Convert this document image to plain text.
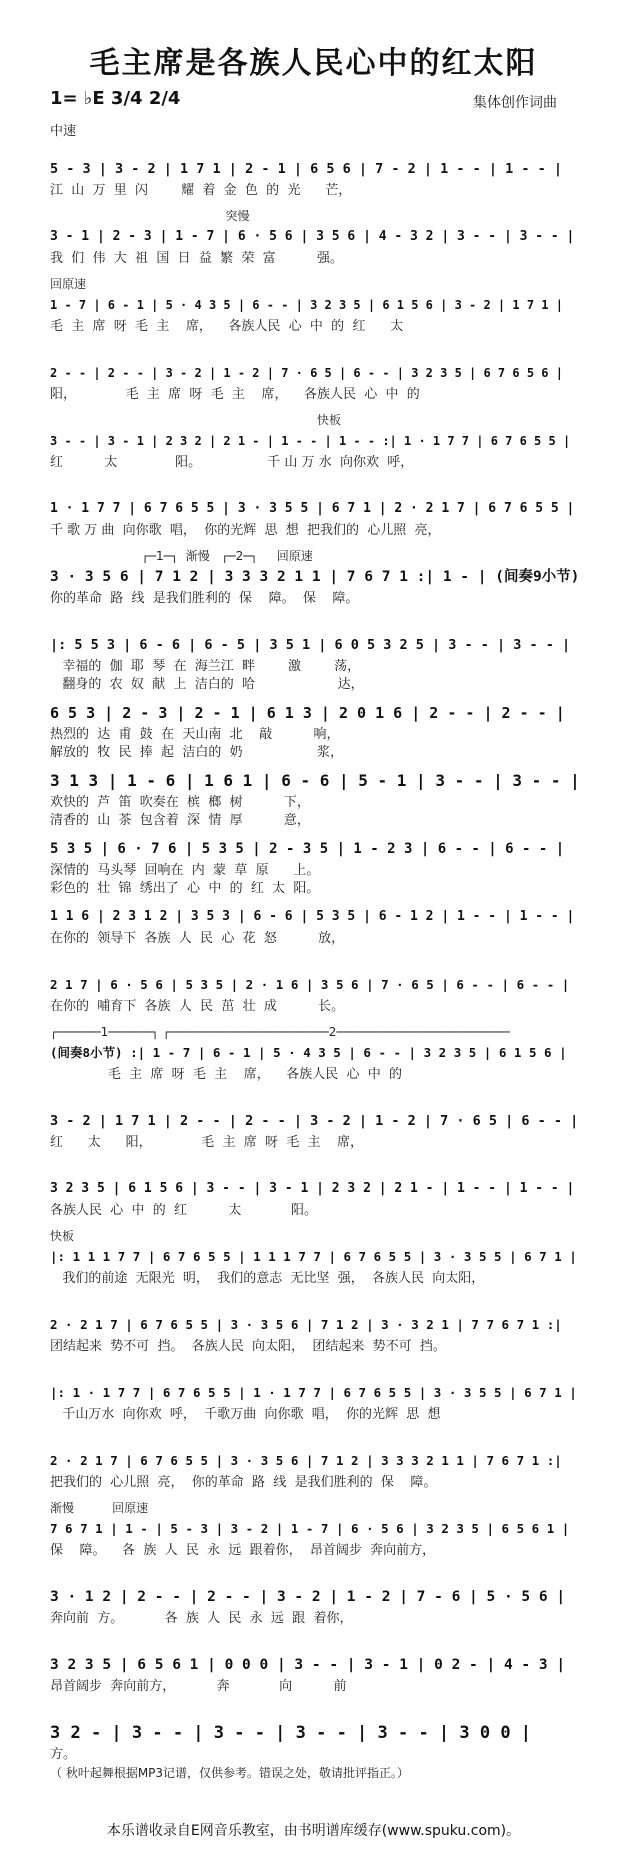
毛主席是各族人民心中的红太阳
1= ♭E 3/4 2/4	集体创作词曲
中速
5 - 3 | 3 - 2 | 1 7 1 | 2 - 1 | 6 5 6 | 7 - 2 | 1 - - | 1 - - |
江  山  万  里  闪        耀  着  金  色  的  光      芒，
突慢
3 - 1 | 2 - 3 | 1 - 7 | 6 · 5 6 | 3 5 6 | 4 - 3 2 | 3 - - | 3 - - |
我  们  伟  大  祖  国  日  益  繁  荣  富          强。
回原速
1 - 7 | 6 - 1 | 5 · 4 3 5 | 6 - - | 3 2 3 5 | 6 1 5 6 | 3 - 2 | 1 7 1 |
毛  主  席  呀  毛  主    席，    各族人民  心  中  的  红      太
2 - - | 2 - - | 3 - 2 | 1 - 2 | 7 · 6 5 | 6 - - | 3 2 3 5 | 6 7 6 5 6 |
阳，            毛  主  席  呀  毛  主    席，    各族人民  心  中  的
快板
3 - - | 3 - 1 | 2 3 2 | 2 1 - | 1 - - | 1 - - :| 1 · 1 7 7 | 6 7 6 5 5 |
红          太              阳。                千 山 万 水  向你欢  呼，
1 · 1 7 7 | 6 7 6 5 5 | 3 · 3 5 5 | 6 7 1 | 2 · 2 1 7 | 6 7 6 5 5 |
千 歌 万 曲  向你歌  唱，  你的光辉  思  想  把我们的  心儿照  亮，
┌─1─┐  渐慢   ┌─2─┐     回原速
3 · 3 5 6 | 7 1 2 | 3 3 3 2 1 1 | 7 6 7 1 :| 1 - | (间奏9小节)
你的革命  路  线  是我们胜利的  保    障。  保    障。
|: 5 5 3 | 6 - 6 | 6 - 5 | 3 5 1 | 6 0 5 3 2 5 | 3 - - | 3 - - |
幸福的  伽  耶  琴  在  海兰江  畔        激        荡，
翻身的  农  奴  献  上  洁白的  哈                    达，
6 5 3 | 2 - 3 | 2 - 1 | 6 1 3 | 2 0 1 6 | 2 - - | 2 - - |
热烈的  达  甫  鼓  在  天山南  北    敲          响，
解放的  牧  民  捧  起  洁白的  奶                  浆，
3 1 3 | 1 - 6 | 1 6 1 | 6 - 6 | 5 - 1 | 3 - - | 3 - - |
欢快的  芦  笛  吹奏在  槟  榔  树          下，
清香的  山  茶  包含着  深  情  厚          意，
5 3 5 | 6 · 7 6 | 5 3 5 | 2 - 3 5 | 1 - 2 3 | 6 - - | 6 - - |
深情的  马头琴  回响在  内  蒙  草  原      上。
彩色的  壮  锦  绣出了  心  中  的  红  太  阳。
1 1 6 | 2 3 1 2 | 3 5 3 | 6 - 6 | 5 3 5 | 6 - 1 2 | 1 - - | 1 - - |
在你的  领导下  各族  人  民  心  花  怒          放，
2 1 7 | 6 · 5 6 | 5 3 5 | 2 · 1 6 | 3 5 6 | 7 · 6 5 | 6 - - | 6 - - |
在你的  哺育下  各族  人  民  茁  壮  成          长。
┌──────1──────┐ ┌──────────────────────2────────────────────────
(间奏8小节) :| 1 - 7 | 6 - 1 | 5 · 4 3 5 | 6 - - | 3 2 3 5 | 6 1 5 6 |
毛  主  席  呀  毛  主    席，    各族人民  心  中  的
3 - 2 | 1 7 1 | 2 - - | 2 - - | 3 - 2 | 1 - 2 | 7 · 6 5 | 6 - - |
红      太      阳，            毛  主  席  呀  毛  主    席，
3 2 3 5 | 6 1 5 6 | 3 - - | 3 - 1 | 2 3 2 | 2 1 - | 1 - - | 1 - - |
各族人民  心  中  的  红          太            阳。
快板
|: 1 1 1 7 7 | 6 7 6 5 5 | 1 1 1 7 7 | 6 7 6 5 5 | 3 · 3 5 5 | 6 7 1 |
我们的前途  无限光  明，  我们的意志  无比坚  强，  各族人民  向太阳，
2 · 2 1 7 | 6 7 6 5 5 | 3 · 3 5 6 | 7 1 2 | 3 · 3 2 1 | 7 7 6 7 1 :|
团结起来  势不可  挡。  各族人民  向太阳，  团结起来  势不可  挡。
|: 1 · 1 7 7 | 6 7 6 5 5 | 1 · 1 7 7 | 6 7 6 5 5 | 3 · 3 5 5 | 6 7 1 |
千山万水  向你欢  呼，  千歌万曲  向你歌  唱，  你的光辉  思  想
2 · 2 1 7 | 6 7 6 5 5 | 3 · 3 5 6 | 7 1 2 | 3 3 3 2 1 1 | 7 6 7 1 :|
把我们的  心儿照  亮，  你的革命  路  线  是我们胜利的  保    障。
渐慢          回原速
7 6 7 1 | 1 - | 5 - 3 | 3 - 2 | 1 - 7 | 6 · 5 6 | 3 2 3 5 | 6 5 6 1 |
保    障。    各  族  人  民  永  远  跟着你，  昂首阔步  奔向前方，
3 · 1 2 | 2 - - | 2 - - | 3 - 2 | 1 - 2 | 7 - 6 | 5 · 5 6 |
奔向前  方。          各  族  人  民  永  远  跟  着你，
3 2 3 5 | 6 5 6 1 | 0 0 0 | 3 - - | 3 - 1 | 0 2 - | 4 - 3 |
昂首阔步  奔向前方，          奔            向          前
3 2 - | 3 - - | 3 - - | 3 - - | 3 - - | 3 0 0 |
方。
（ 秋叶起舞根据MP3记谱，仅供参考。错误之处，敬请批评指正。）
本乐谱收录自E网音乐教室，由书明谱库缓存(www.spuku.com)。
